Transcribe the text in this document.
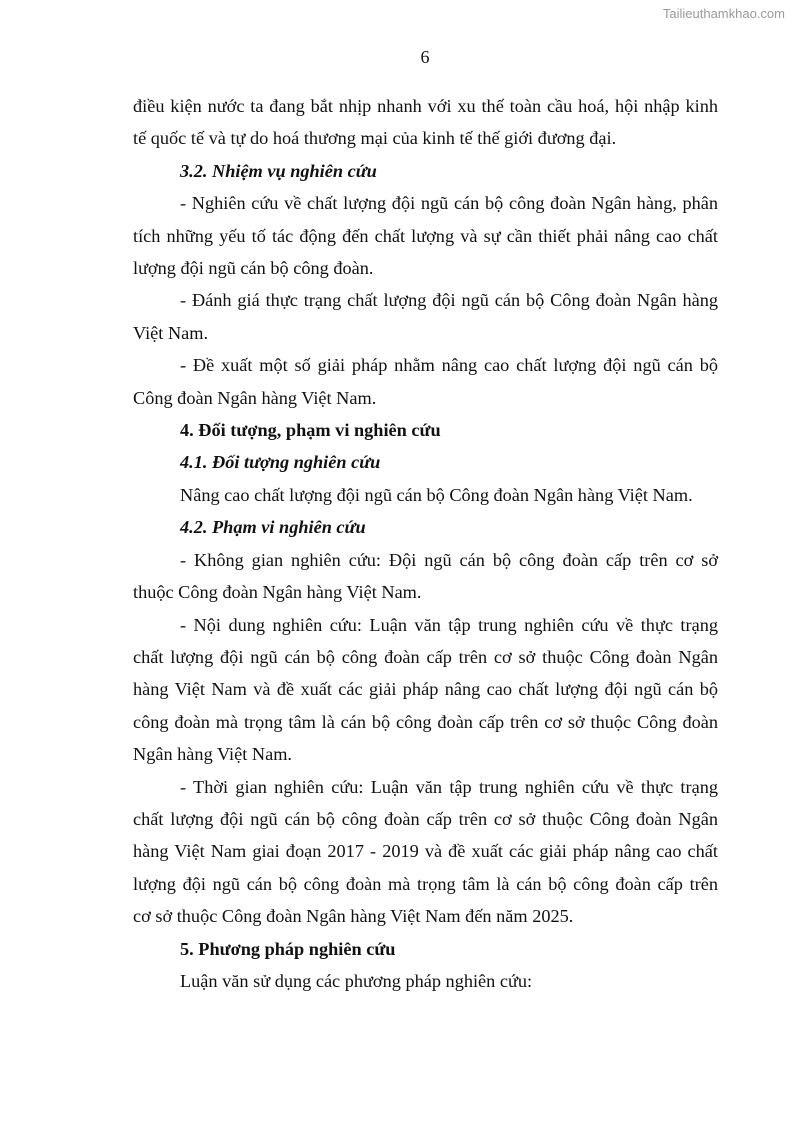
Tailieuthamkhao.com
6
điều kiện nước ta đang bắt nhịp nhanh với xu thế toàn cầu hoá, hội nhập kinh
tế quốc tế và tự do hoá thương mại của kinh tế thế giới đương đại.
3.2. Nhiệm vụ nghiên cứu
- Nghiên cứu về chất lượng đội ngũ cán bộ công đoàn Ngân hàng, phân
tích những yếu tố tác động đến chất lượng và sự cần thiết phải nâng cao chất
lượng đội ngũ cán bộ công đoàn.
- Đánh giá thực trạng chất lượng đội ngũ cán bộ Công đoàn Ngân hàng
Việt Nam.
- Đề xuất một số giải pháp nhằm nâng cao chất lượng đội ngũ cán bộ
Công đoàn Ngân hàng Việt Nam.
4. Đối tượng, phạm vi nghiên cứu
4.1. Đối tượng nghiên cứu
Nâng cao chất lượng đội ngũ cán bộ Công đoàn Ngân hàng Việt Nam.
4.2. Phạm vi nghiên cứu
- Không gian nghiên cứu: Đội ngũ cán bộ công đoàn cấp trên cơ sở
thuộc Công đoàn Ngân hàng Việt Nam.
- Nội dung nghiên cứu: Luận văn tập trung nghiên cứu về thực trạng
chất lượng đội ngũ cán bộ công đoàn cấp trên cơ sở thuộc Công đoàn Ngân
hàng Việt Nam và đề xuất các giải pháp nâng cao chất lượng đội ngũ cán bộ
công đoàn mà trọng tâm là cán bộ công đoàn cấp trên cơ sở thuộc Công đoàn
Ngân hàng Việt Nam.
- Thời gian nghiên cứu: Luận văn tập trung nghiên cứu về thực trạng
chất lượng đội ngũ cán bộ công đoàn cấp trên cơ sở thuộc Công đoàn Ngân
hàng Việt Nam giai đoạn 2017 - 2019 và đề xuất các giải pháp nâng cao chất
lượng đội ngũ cán bộ công đoàn mà trọng tâm là cán bộ công đoàn cấp trên
cơ sở thuộc Công đoàn Ngân hàng Việt Nam đến năm 2025.
5. Phương pháp nghiên cứu
Luận văn sử dụng các phương pháp nghiên cứu:
